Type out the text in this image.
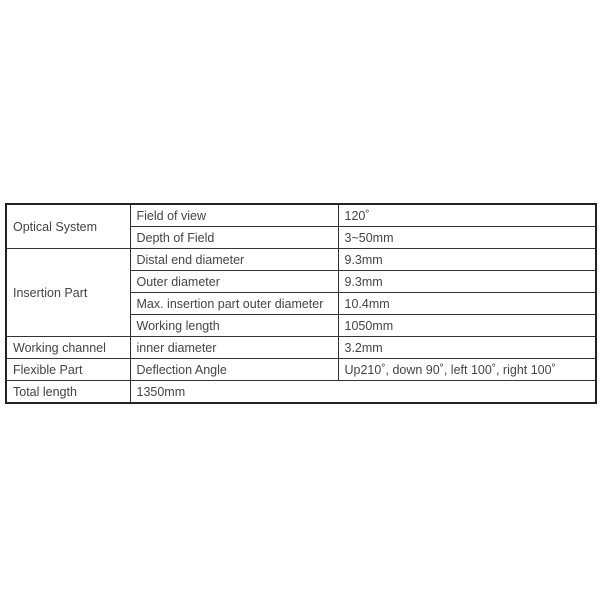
Optical System	Field of view	120˚
	Depth of Field	3~50mm
Insertion Part	Distal end diameter	9.3mm
	Outer diameter	9.3mm
	Max. insertion part outer diameter	10.4mm
	Working length	1050mm
Working channel	inner diameter	3.2mm
Flexible Part	Deflection Angle	Up210˚, down 90˚, left 100˚, right 100˚
Total length	1350mm	
